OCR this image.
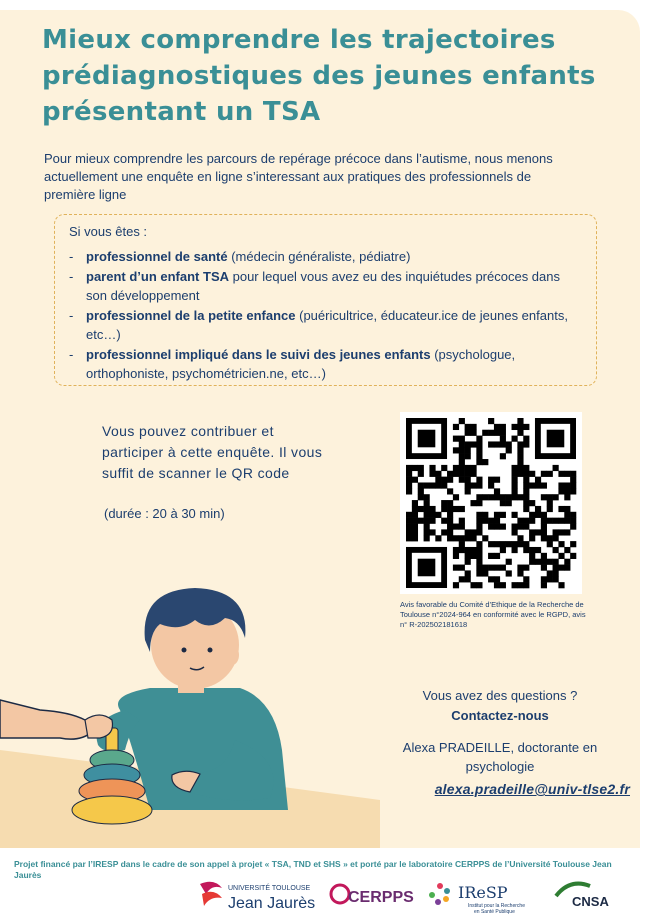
Mieux comprendre les trajectoires prédiagnostiques des jeunes enfants présentant un TSA

Pour mieux comprendre les parcours de repérage précoce dans l’autisme, nous menons actuellement une enquête en ligne s’interessant aux pratiques des professionnels de première ligne

Si vous êtes :

- professionnel de santé (médecin généraliste, pédiatre)
- parent d’un enfant TSA pour lequel vous avez eu des inquiétudes précoces dans son développement
- professionnel de la petite enfance (puéricultrice, éducateur.ice de jeunes enfants, etc…)
- professionnel impliqué dans le suivi des jeunes enfants (psychologue, orthophoniste, psychométricien.ne, etc…)

Vous pouvez contribuer et participer à cette enquête. Il vous suffit de scanner le QR code

(durée : 20 à 30 min)

Avis favorable du Comité d’Ethique de la Recherche de Toulouse n°2024-964 en conformité avec le RGPD, avis n° R-202502181618

Vous avez des questions ?

Contactez-nous

Alexa PRADEILLE, doctorante en psychologie

alexa.pradeille@univ-tlse2.fr

Projet financé par l’IRESP dans le cadre de son appel à projet « TSA, TND et SHS » et porté par le laboratoire CERPPS de l’Université Toulouse Jean Jaurès

UNIVERSITÉ TOULOUSE
Jean Jaurès CERPPS	IReSP
Institut pour la Recherche
en Santé Publique
CNSA
